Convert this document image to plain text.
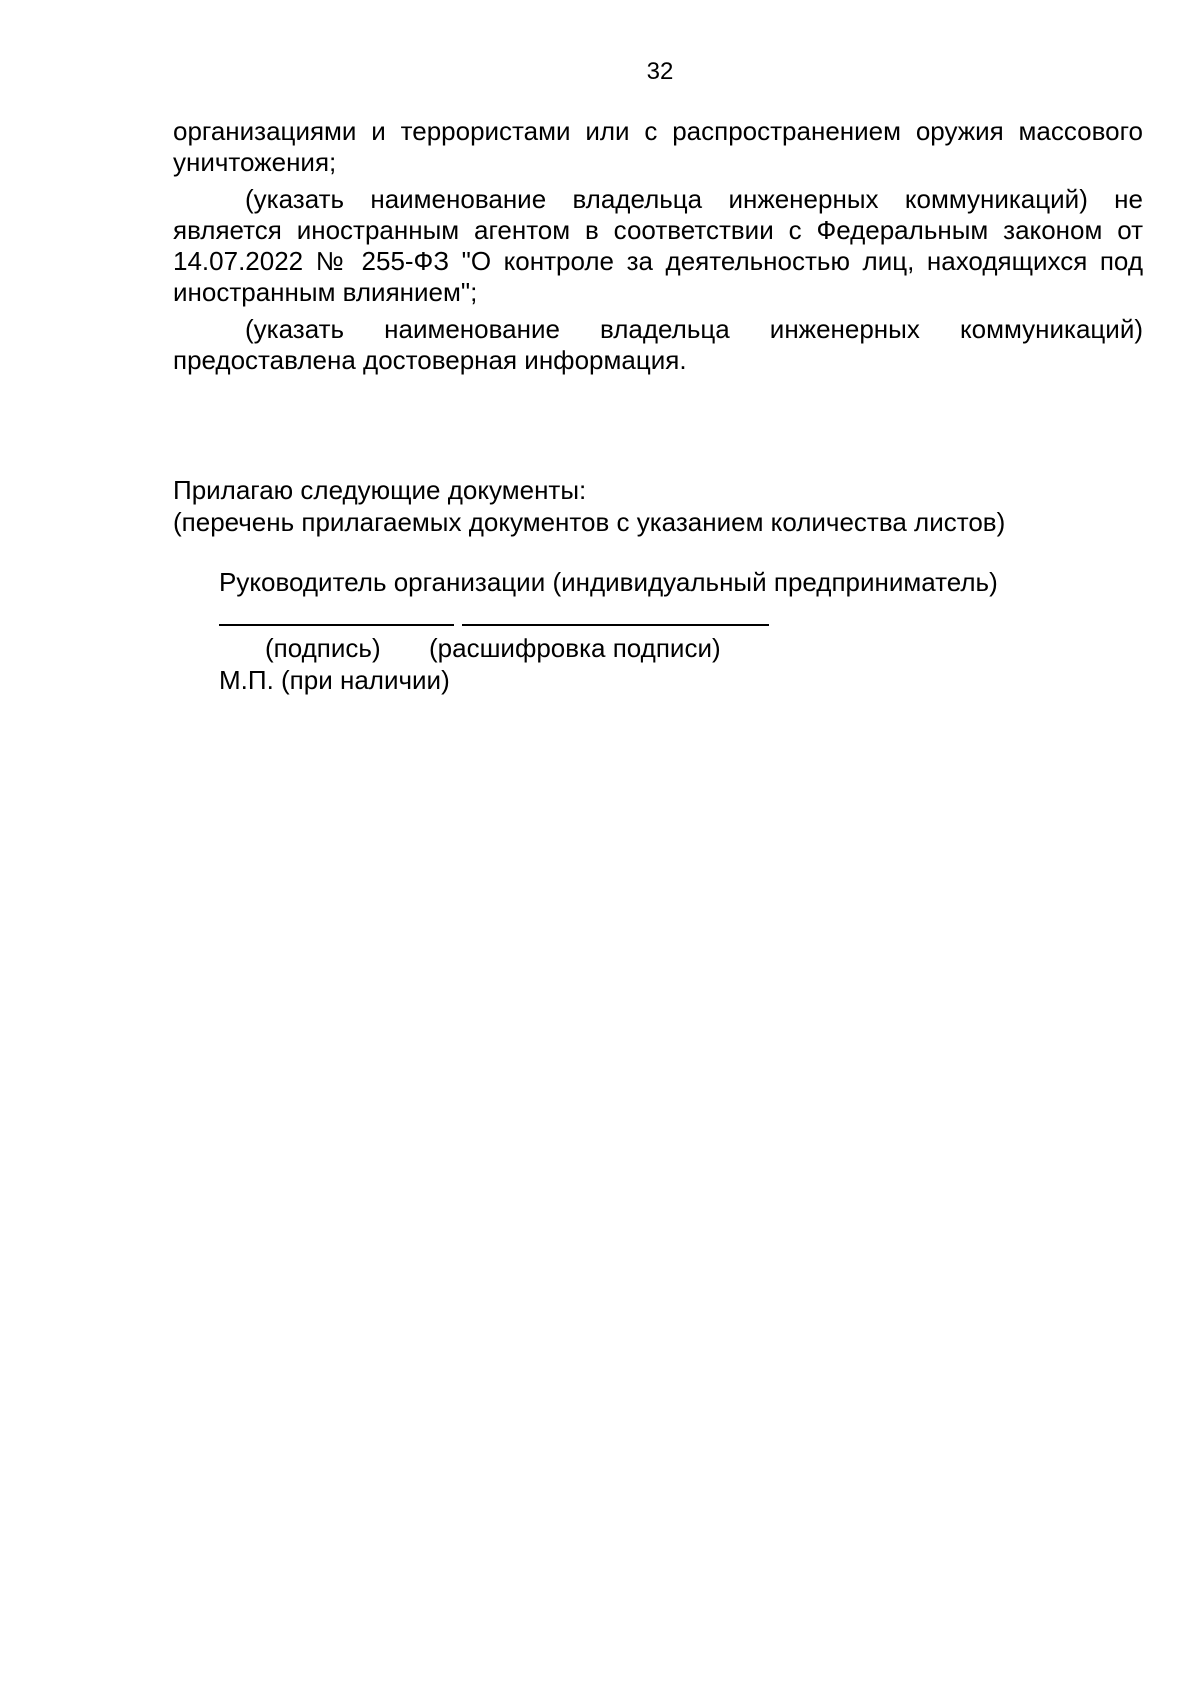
32

организациями и террористами или с распространением оружия массового уничтожения;

(указать наименование владельца инженерных коммуникаций) не является иностранным агентом в соответствии с Федеральным законом от 14.07.2022 № 255-ФЗ "О контроле за деятельностью лиц, находящихся под иностранным влиянием";

(указать наименование владельца инженерных коммуникаций)

предоставлена достоверная информация.

Прилагаю следующие документы:
(перечень прилагаемых документов с указанием количества листов)
Руководитель организации (индивидуальный предприниматель)
(подпись) (расшифровка подписи)
М.П. (при наличии)
